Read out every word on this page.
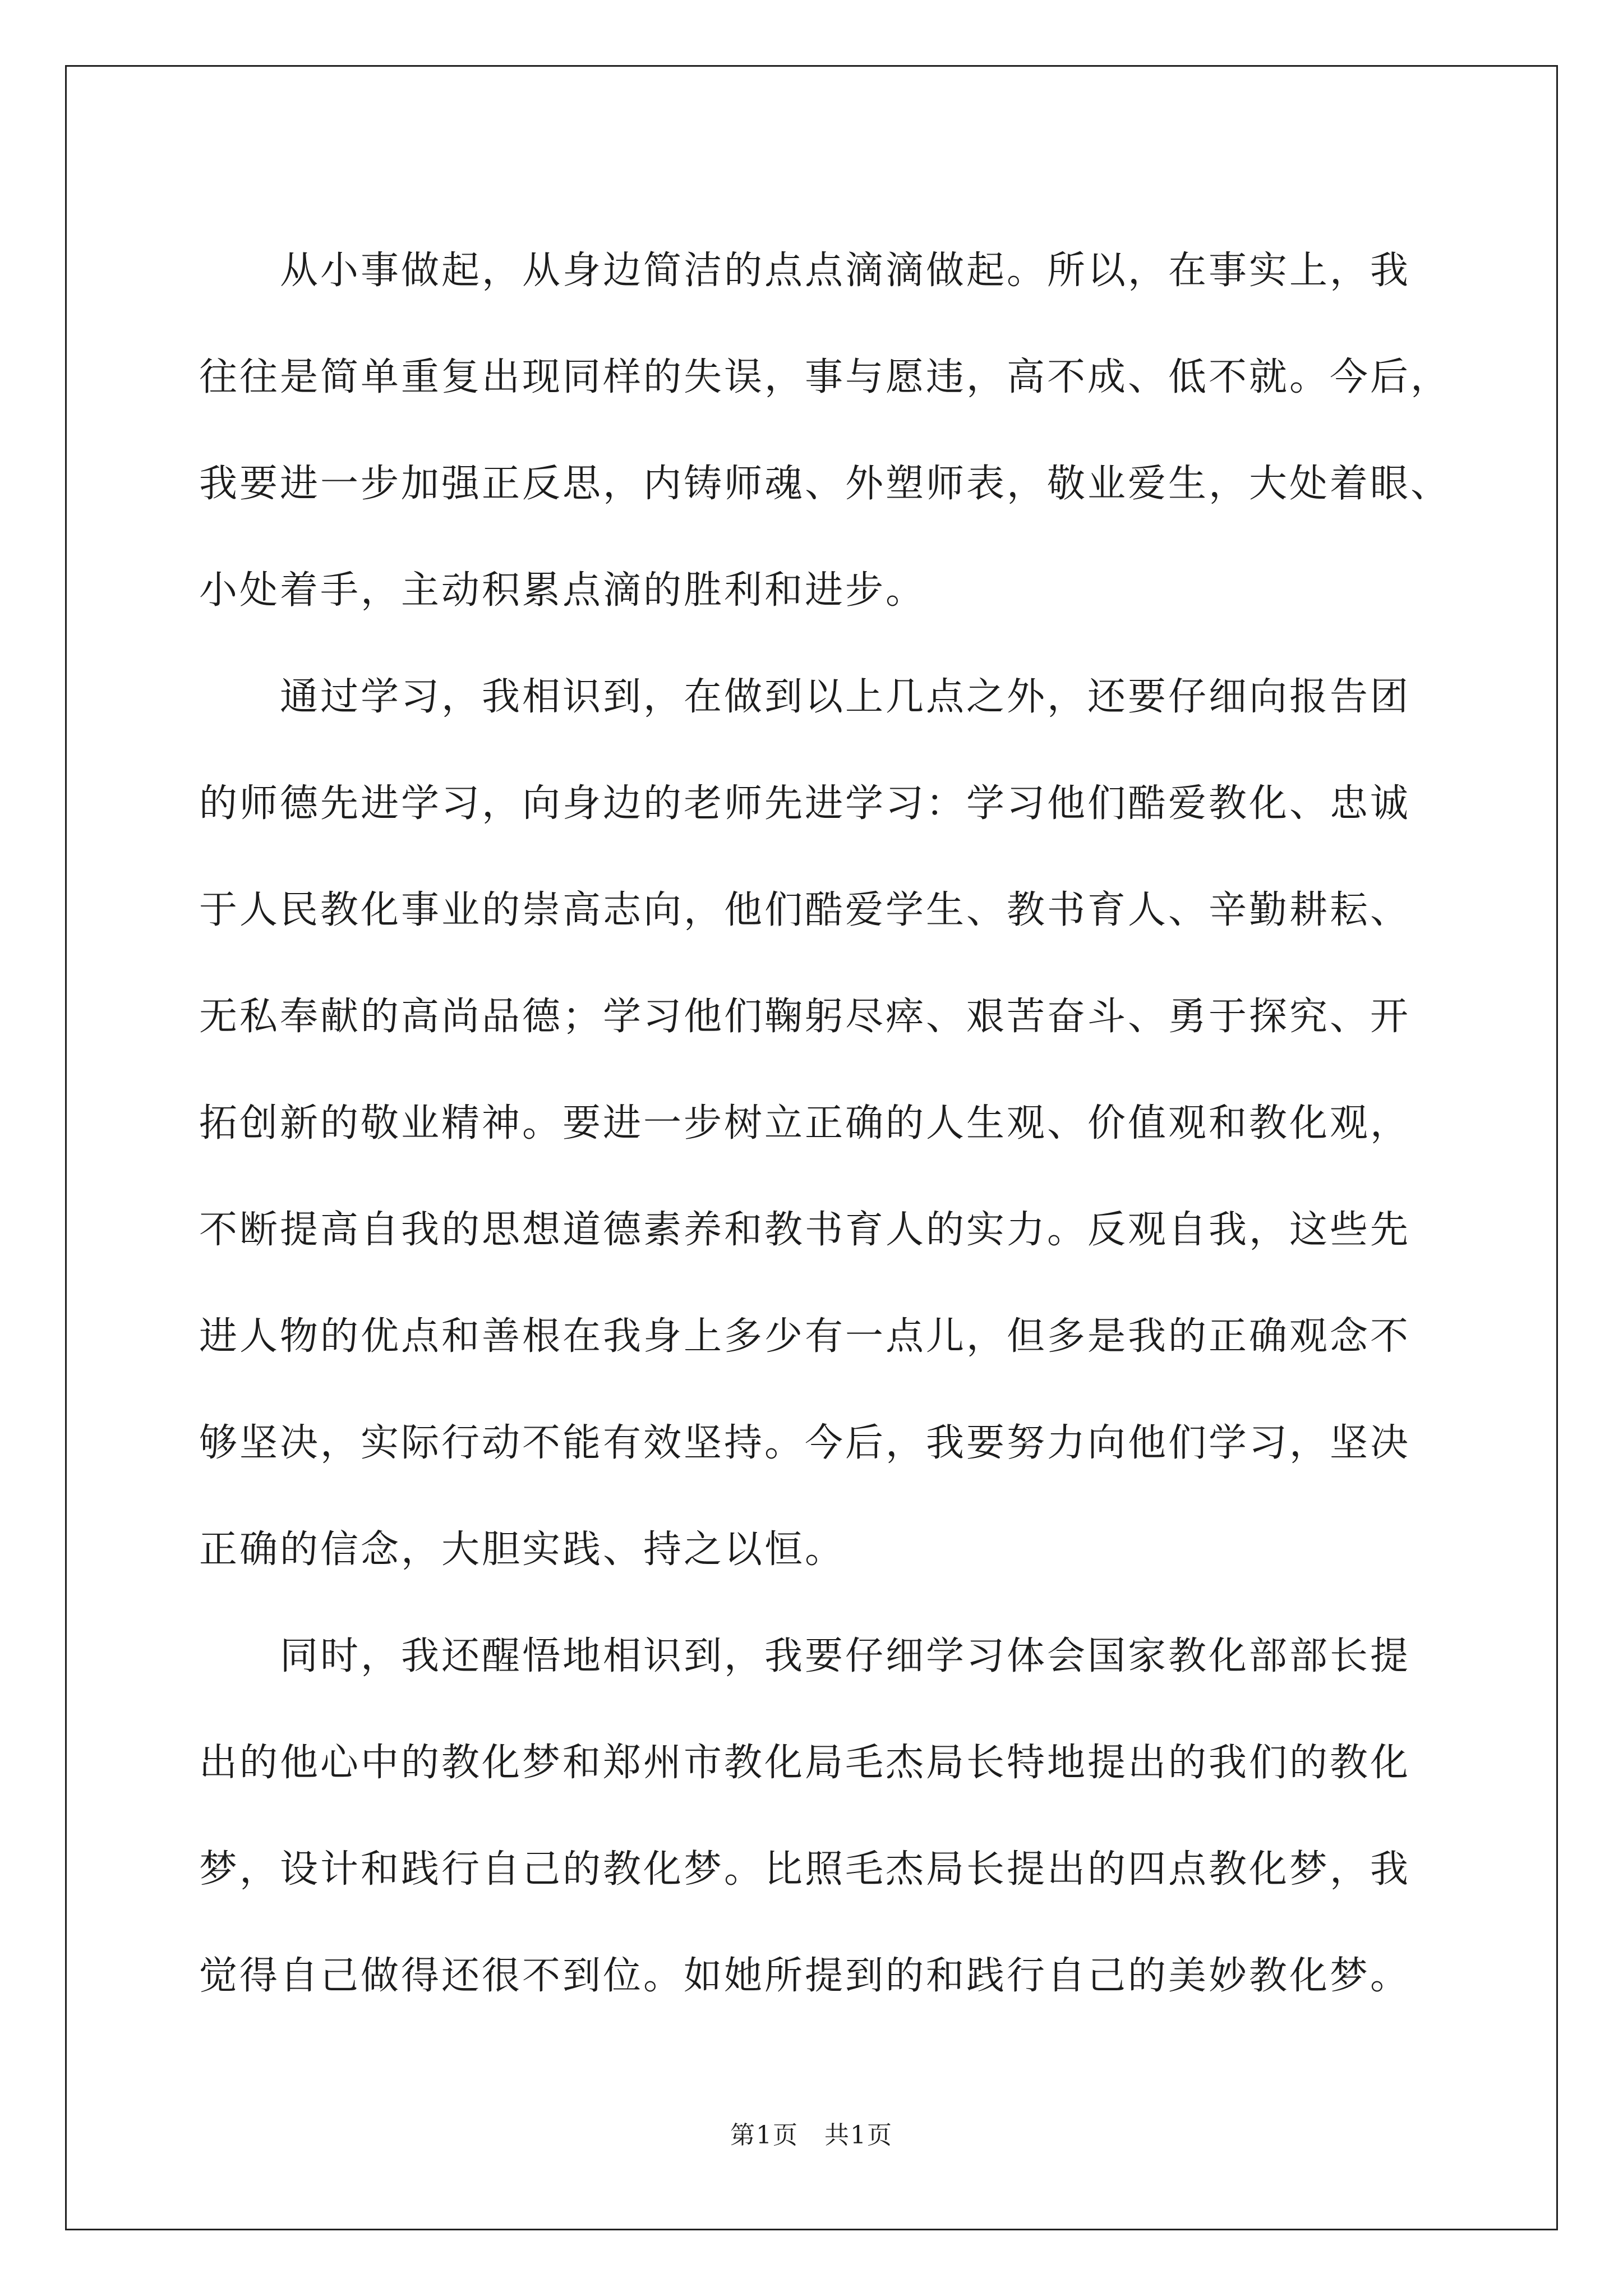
　　从小事做起，从身边简洁的点点滴滴做起。所以，在事实上，我
往往是简单重复出现同样的失误，事与愿违，高不成、低不就。今后，
我要进一步加强正反思，内铸师魂、外塑师表，敬业爱生，大处着眼、
小处着手，主动积累点滴的胜利和进步。
　　通过学习，我相识到，在做到以上几点之外，还要仔细向报告团
的师德先进学习，向身边的老师先进学习：学习他们酷爱教化、忠诚
于人民教化事业的崇高志向，他们酷爱学生、教书育人、辛勤耕耘、
无私奉献的高尚品德；学习他们鞠躬尽瘁、艰苦奋斗、勇于探究、开
拓创新的敬业精神。要进一步树立正确的人生观、价值观和教化观，
不断提高自我的思想道德素养和教书育人的实力。反观自我，这些先
进人物的优点和善根在我身上多少有一点儿，但多是我的正确观念不
够坚决，实际行动不能有效坚持。今后，我要努力向他们学习，坚决
正确的信念，大胆实践、持之以恒。
　　同时，我还醒悟地相识到，我要仔细学习体会国家教化部部长提
出的他心中的教化梦和郑州市教化局毛杰局长特地提出的我们的教化
梦，设计和践行自己的教化梦。比照毛杰局长提出的四点教化梦，我
觉得自己做得还很不到位。如她所提到的和践行自己的美妙教化梦。
第1页　共1页
